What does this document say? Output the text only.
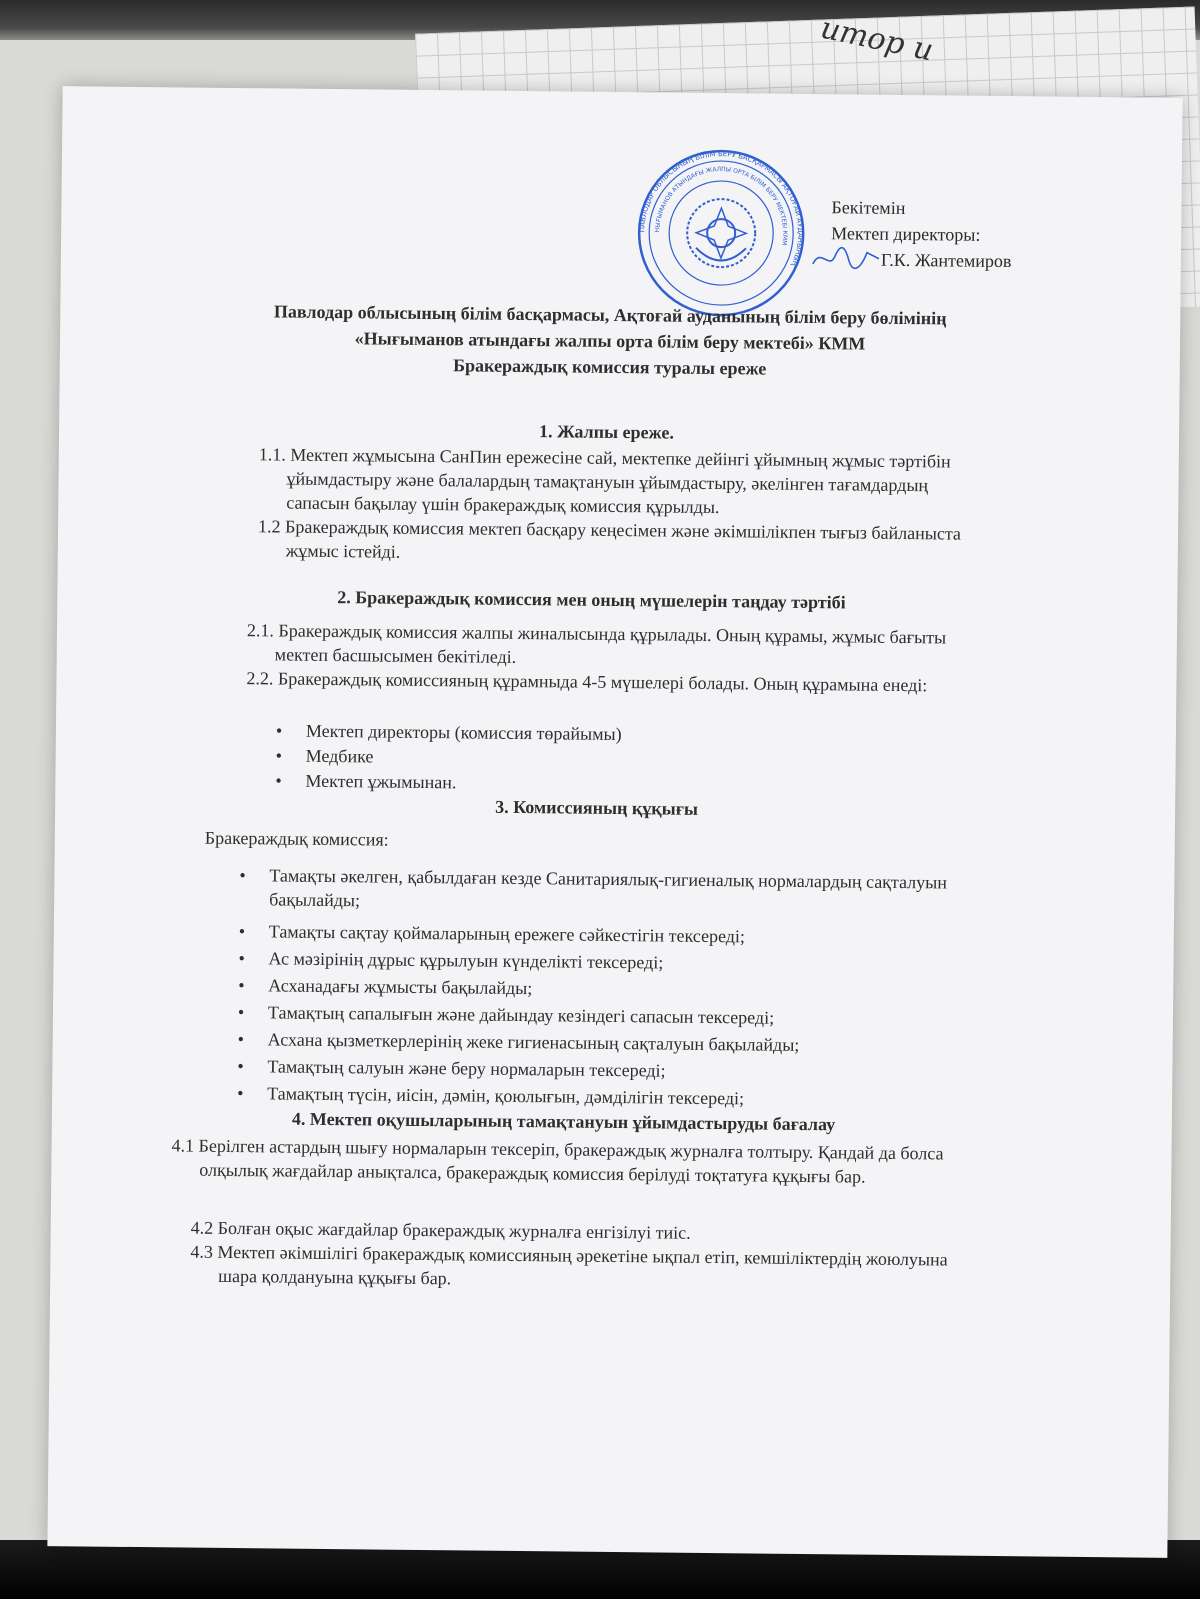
итор и
ПАВЛОДАР ОБЛЫСЫНЫҢ БІЛІМ БЕРУ БАСҚАРМАСЫ АҚТОҒАЙ АУДАНЫНЫҢ
НЫҒЫМАНОВ АТЫНДАҒЫ ЖАЛПЫ ОРТА БІЛІМ БЕРУ МЕКТЕБІ КММ
Бекітемін
Мектеп директоры:
Г.К. Жантемиров
Павлодар облысының білім басқармасы, Ақтоғай ауданының білім беру бөлімінің
«Нығыманов атындағы жалпы орта білім беру мектебі» КММ
Бракераждық комиссия туралы ереже
1. Жалпы ереже.
1.1. Мектеп жұмысына СанПин ережесіне сай, мектепке дейінгі ұйымның жұмыс тәртібін ұйымдастыру және балалардың тамақтануын ұйымдастыру, әкелінген тағамдардың сапасын бақылау үшін бракераждық комиссия құрылды.
1.2 Бракераждық комиссия мектеп басқару кеңесімен және әкімшілікпен тығыз байланыста жұмыс істейді.
2. Бракераждық комиссия мен оның мүшелерін таңдау тәртібі
2.1. Бракераждық комиссия жалпы жиналысында құрылады. Оның құрамы, жұмыс бағыты мектеп басшысымен бекітіледі.
2.2. Бракераждық комиссияның құрамныда 4-5 мүшелері болады. Оның құрамына енеді:
•	Мектеп директоры (комиссия төрайымы)
•	Медбике
•	Мектеп ұжымынан.
3. Комиссияның құқығы
Бракераждық комиссия:
•	Тамақты әкелген, қабылдаған кезде Санитариялық-гигиеналық нормалардың сақталуын бақылайды;
•	Тамақты сақтау қоймаларының ережеге сәйкестігін тексереді;
•	Ас мәзірінің дұрыс құрылуын күнделікті тексереді;
•	Асханадағы жұмысты бақылайды;
•	Тамақтың сапалығын және дайындау кезіндегі сапасын тексереді;
•	Асхана қызметкерлерінің жеке гигиенасының сақталуын бақылайды;
•	Тамақтың салуын және беру нормаларын тексереді;
•	Тамақтың түсін, иісін, дәмін, қоюлығын, дәмділігін тексереді;
4. Мектеп оқушыларының тамақтануын ұйымдастыруды бағалау
4.1 Берілген астардың шығу нормаларын тексеріп, бракераждық журналға толтыру. Қандай да болса олқылық жағдайлар анықталса, бракераждық комиссия берілуді тоқтатуға құқығы бар.
4.2 Болған оқыс жағдайлар бракераждық журналға енгізілуі тиіс.
4.3 Мектеп әкімшілігі бракераждық комиссияның әрекетіне ықпал етіп, кемшіліктердің жоюлуына шара қолдануына құқығы бар.
